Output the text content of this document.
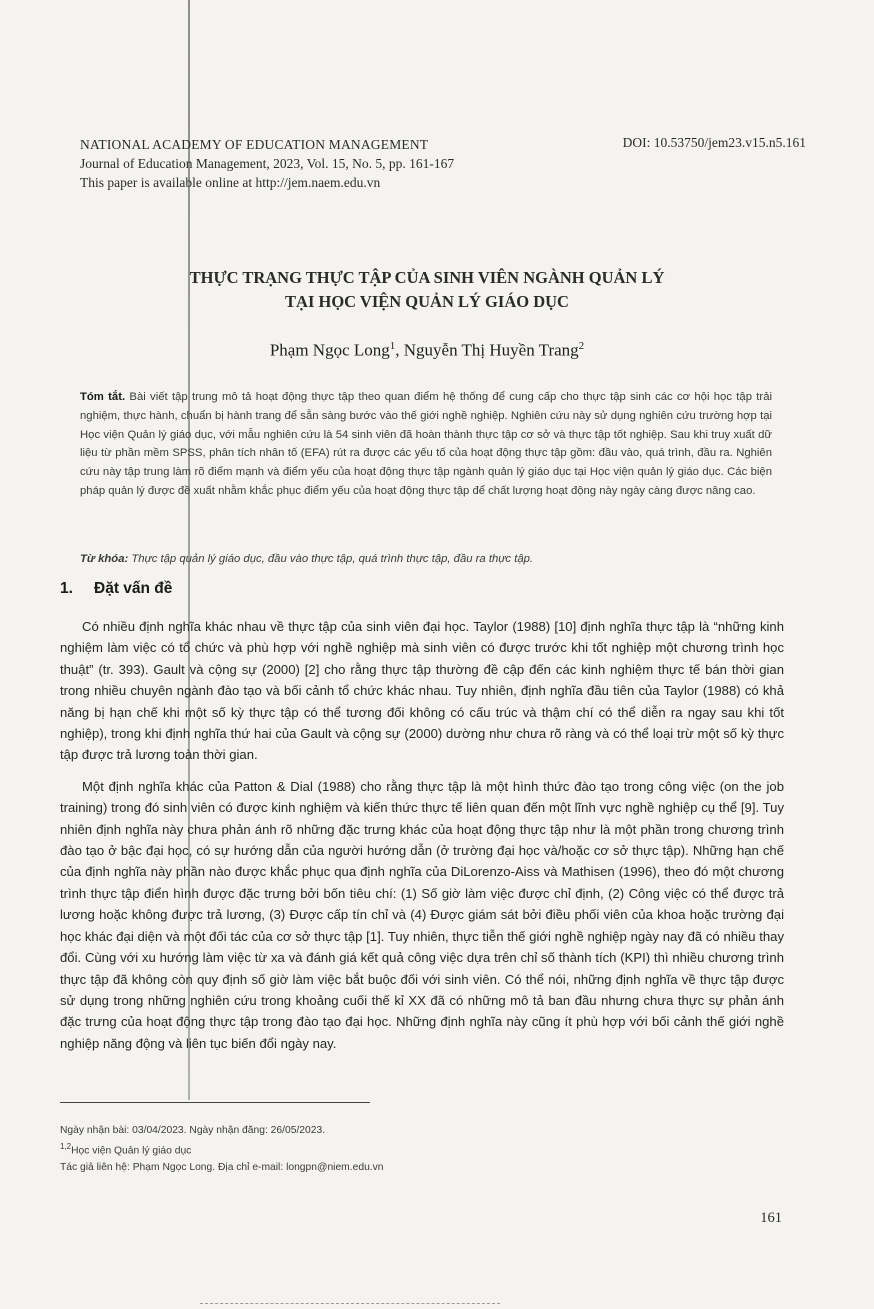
NATIONAL ACADEMY OF EDUCATION MANAGEMENT
Journal of Education Management, 2023, Vol. 15, No. 5, pp. 161-167
This paper is available online at http://jem.naem.edu.vn
DOI: 10.53750/jem23.v15.n5.161
THỰC TRẠNG THỰC TẬP CỦA SINH VIÊN NGÀNH QUẢN LÝ
TẠI HỌC VIỆN QUẢN LÝ GIÁO DỤC
Phạm Ngọc Long$^1$, Nguyễn Thị Huyền Trang$^2$
Tóm tắt. Bài viết tập trung mô tả hoạt động thực tập theo quan điểm hệ thống để cung cấp cho thực tập sinh các cơ hội học tập trải nghiệm, thực hành, chuẩn bị hành trang để sẵn sàng bước vào thế giới nghề nghiệp. Nghiên cứu này sử dụng nghiên cứu trường hợp tại Học viện Quản lý giáo dục, với mẫu nghiên cứu là 54 sinh viên đã hoàn thành thực tập cơ sở và thực tập tốt nghiệp. Sau khi truy xuất dữ liệu từ phần mềm SPSS, phân tích nhân tố (EFA) rút ra được các yếu tố của hoạt động thực tập gồm: đầu vào, quá trình, đầu ra. Nghiên cứu này tập trung làm rõ điểm mạnh và điểm yếu của hoạt động thực tập ngành quản lý giáo dục tại Học viện quản lý giáo dục. Các biện pháp quản lý được đề xuất nhằm khắc phục điểm yếu của hoạt động thực tập để chất lượng hoạt động này ngày càng được nâng cao.
Từ khóa: Thực tập quản lý giáo dục, đầu vào thực tập, quá trình thực tập, đầu ra thực tập.
1. Đặt vấn đề

Có nhiều định nghĩa khác nhau về thực tập của sinh viên đại học. Taylor (1988) [10] định nghĩa thực tập là “những kinh nghiệm làm việc có tổ chức và phù hợp với nghề nghiệp mà sinh viên có được trước khi tốt nghiệp một chương trình học thuật” (tr. 393). Gault và cộng sự (2000) [2] cho rằng thực tập thường đề cập đến các kinh nghiệm thực tế bán thời gian trong nhiều chuyên ngành đào tạo và bối cảnh tổ chức khác nhau. Tuy nhiên, định nghĩa đầu tiên của Taylor (1988) có khả năng bị hạn chế khi một số kỳ thực tập có thể tương đối không có cấu trúc và thậm chí có thể diễn ra ngay sau khi tốt nghiệp), trong khi định nghĩa thứ hai của Gault và cộng sự (2000) dường như chưa rõ ràng và có thể loại trừ một số kỳ thực tập được trả lương toàn thời gian.

Một định nghĩa khác của Patton & Dial (1988) cho rằng thực tập là một hình thức đào tạo trong công việc (on the job training) trong đó sinh viên có được kinh nghiệm và kiến thức thực tế liên quan đến một lĩnh vực nghề nghiệp cụ thể [9]. Tuy nhiên định nghĩa này chưa phản ánh rõ những đặc trưng khác của hoạt động thực tập như là một phần trong chương trình đào tạo ở bậc đại học, có sự hướng dẫn của người hướng dẫn (ở trường đại học và/hoặc cơ sở thực tập). Những hạn chế của định nghĩa này phần nào được khắc phục qua định nghĩa của DiLorenzo-Aiss và Mathisen (1996), theo đó một chương trình thực tập điển hình được đặc trưng bởi bốn tiêu chí: (1) Số giờ làm việc được chỉ định, (2) Công việc có thể được trả lương hoặc không được trả lương, (3) Được cấp tín chỉ và (4) Được giám sát bởi điều phối viên của khoa hoặc trường đại học khác đại diện và một đối tác của cơ sở thực tập [1]. Tuy nhiên, thực tiễn thế giới nghề nghiệp ngày nay đã có nhiều thay đổi. Cùng với xu hướng làm việc từ xa và đánh giá kết quả công việc dựa trên chỉ số thành tích (KPI) thì nhiều chương trình thực tập đã không còn quy định số giờ làm việc bắt buộc đối với sinh viên. Có thể nói, những định nghĩa về thực tập được sử dụng trong những nghiên cứu trong khoảng cuối thế kỉ XX đã có những mô tả ban đầu nhưng chưa thực sự phản ánh đặc trưng của hoạt động thực tập trong đào tạo đại học. Những định nghĩa này cũng ít phù hợp với bối cảnh thế giới nghề nghiệp năng động và liên tục biến đổi ngày nay.

Ngày nhận bài: 03/04/2023. Ngày nhận đăng: 26/05/2023.
$^{1,2}$Học viện Quản lý giáo dục
Tác giả liên hệ: Phạm Ngọc Long. Địa chỉ e-mail: longpn@niem.edu.vn
161
